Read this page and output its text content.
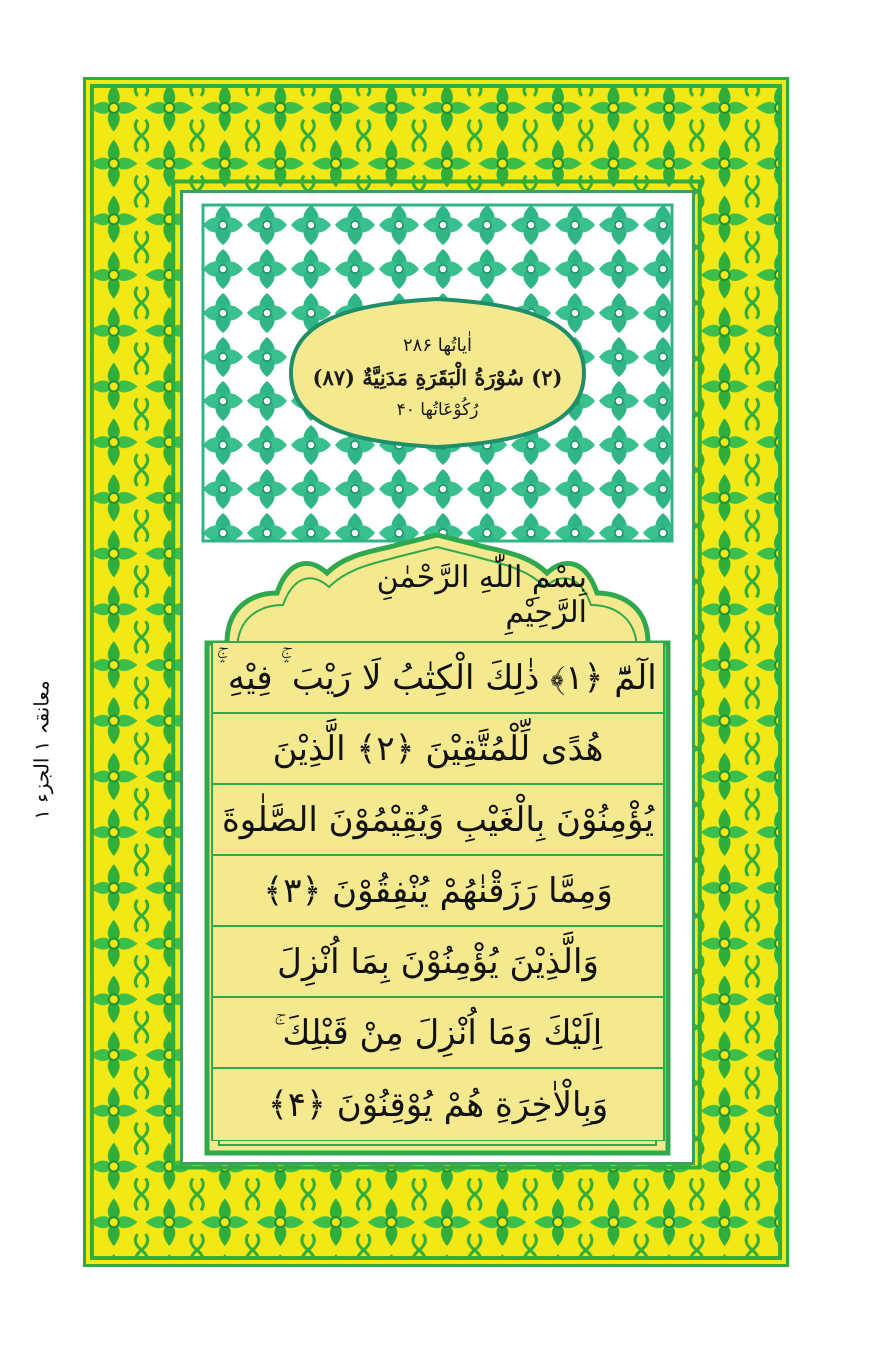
معانقہ ۱ الجزء ۱
اٰیاتُها ۲۸۶
(۲) سُوْرَةُ الْبَقَرَةِ مَدَنِيَّةٌ (۸۷)
رُکُوْعَاتُها ۴۰
بِسْمِ اللّٰهِ الرَّحْمٰنِ الرَّحِیْمِ
الٓمّٓ ﴿۱﴾ ذٰلِكَ الْكِتٰبُ لَا رَیْبَ ۛۚ فِیْهِ ۛۚ
هُدًى لِّلْمُتَّقِیْنَ ﴿۲﴾ الَّذِیْنَ
یُؤْمِنُوْنَ بِالْغَیْبِ وَیُقِیْمُوْنَ الصَّلٰوةَ
وَمِمَّا رَزَقْنٰهُمْ یُنْفِقُوْنَ ﴿۳﴾
وَالَّذِیْنَ یُؤْمِنُوْنَ بِمَا اُنْزِلَ
اِلَیْكَ وَمَا اُنْزِلَ مِنْ قَبْلِكَ ۚ
وَبِالْاٰخِرَةِ هُمْ یُوْقِنُوْنَ ﴿۴﴾
